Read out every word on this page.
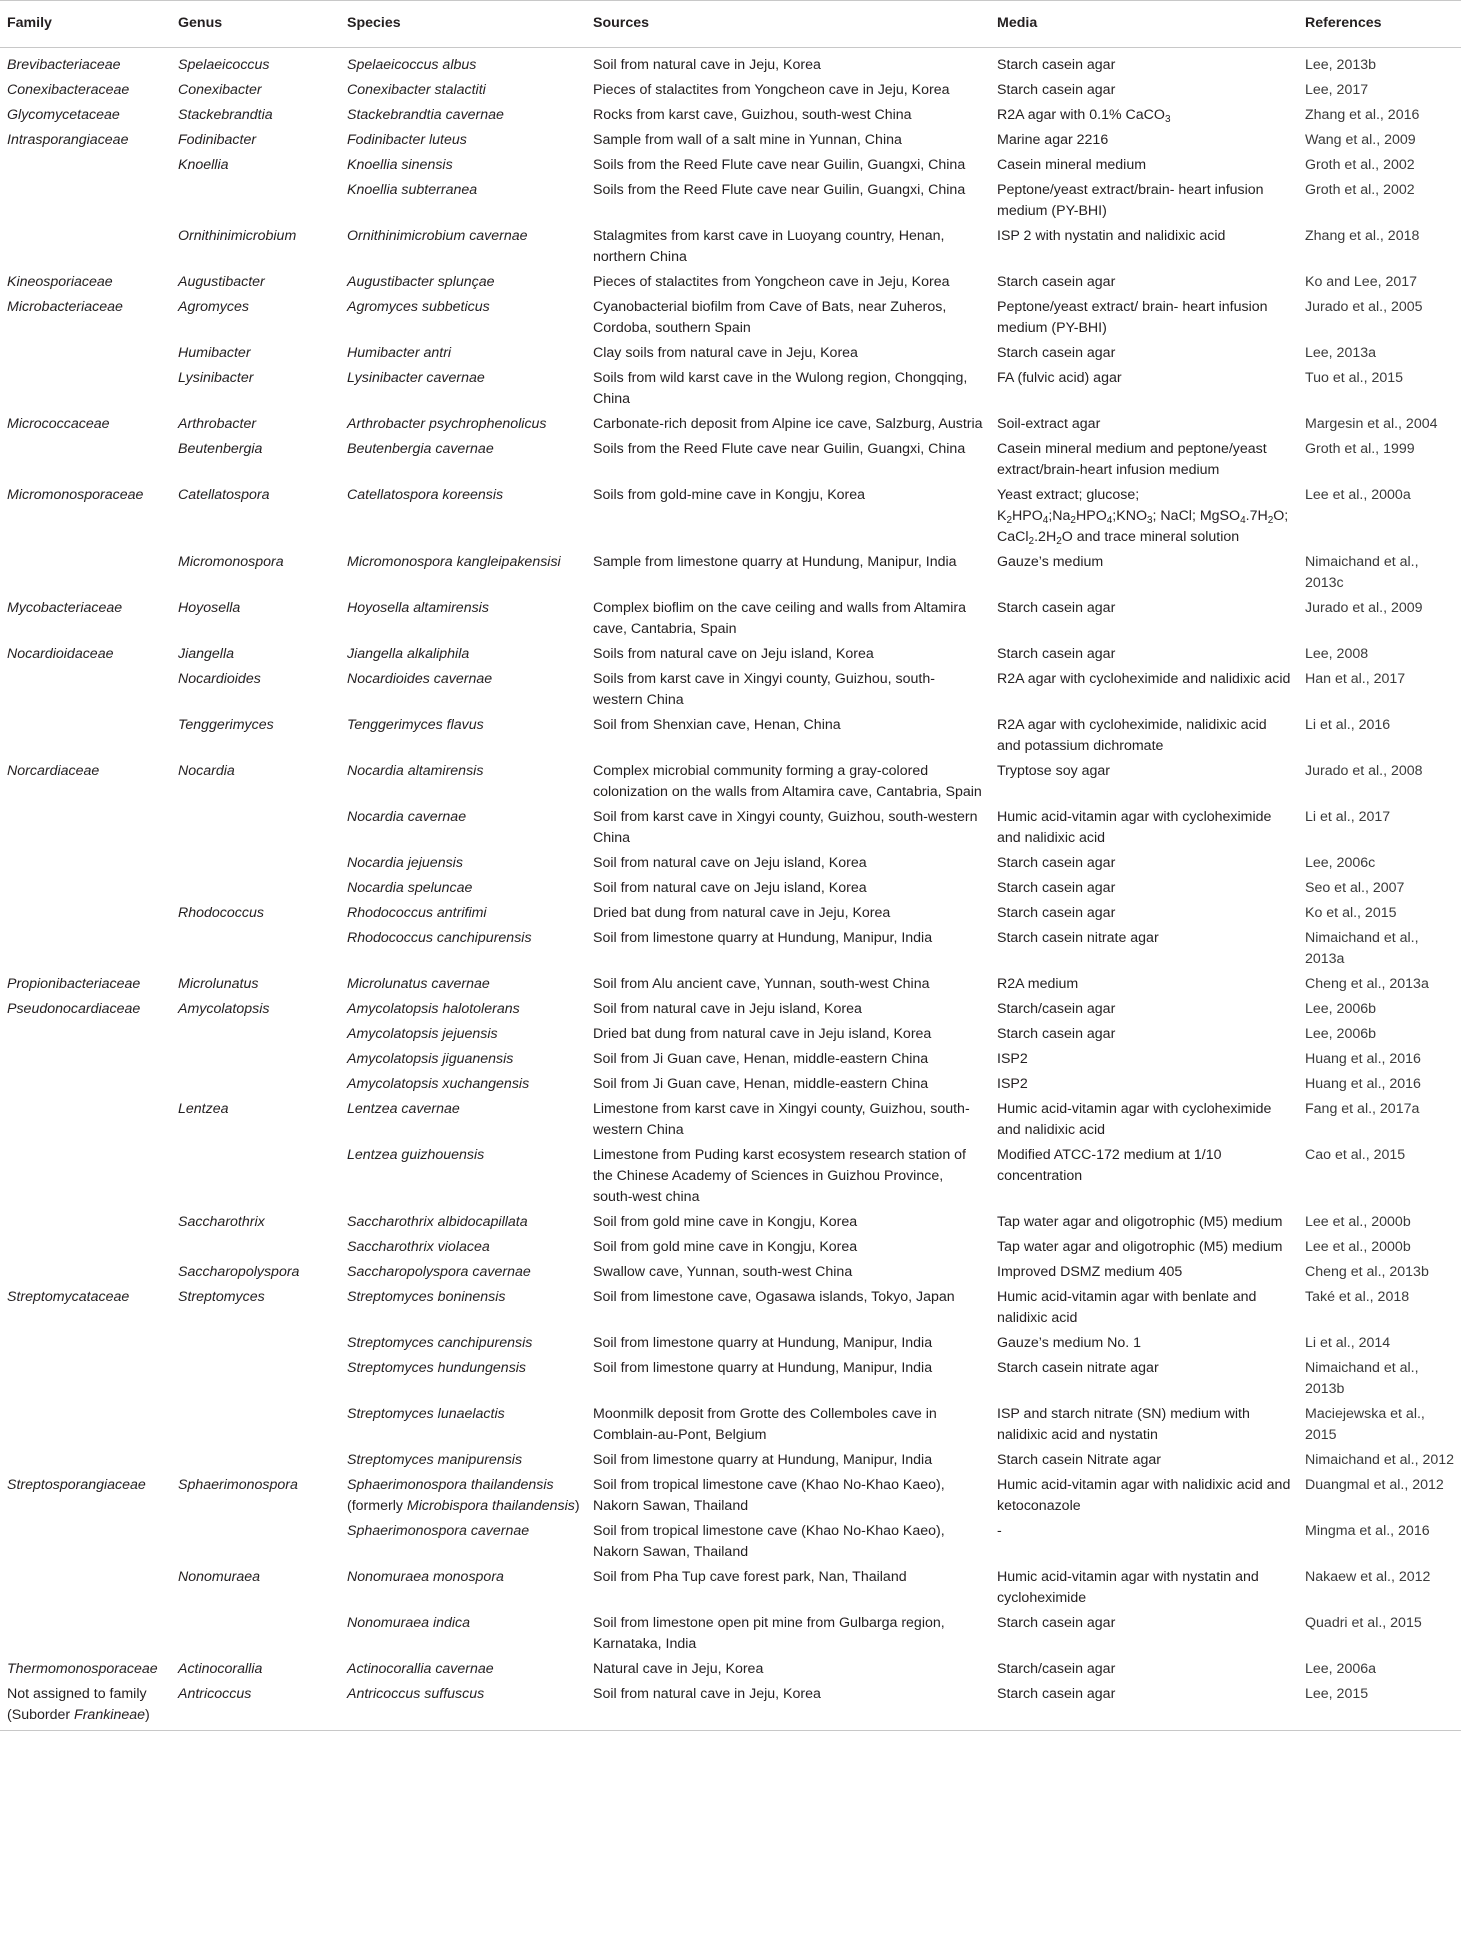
Family	Genus	Species	Sources	Media	References
Brevibacteriaceae	Spelaeicoccus	Spelaeicoccus albus	Soil from natural cave in Jeju, Korea	Starch casein agar	Lee, 2013b
Conexibacteraceae	Conexibacter	Conexibacter stalactiti	Pieces of stalactites from Yongcheon cave in Jeju, Korea	Starch casein agar	Lee, 2017
Glycomycetaceae	Stackebrandtia	Stackebrandtia cavernae	Rocks from karst cave, Guizhou, south-west China	R2A agar with 0.1% CaCO$_3$	Zhang et al., 2016
Intrasporangiaceae	Fodinibacter	Fodinibacter luteus	Sample from wall of a salt mine in Yunnan, China	Marine agar 2216	Wang et al., 2009
	Knoellia	Knoellia sinensis	Soils from the Reed Flute cave near Guilin, Guangxi, China	Casein mineral medium	Groth et al., 2002
		Knoellia subterranea	Soils from the Reed Flute cave near Guilin, Guangxi, China	Peptone/yeast extract/brain- heart infusion medium (PY-BHI)	Groth et al., 2002
	Ornithinimicrobium	Ornithinimicrobium cavernae	Stalagmites from karst cave in Luoyang country, Henan, northern China	ISP 2 with nystatin and nalidixic acid	Zhang et al., 2018
Kineosporiaceae	Augustibacter	Augustibacter splunçae	Pieces of stalactites from Yongcheon cave in Jeju, Korea	Starch casein agar	Ko and Lee, 2017
Microbacteriaceae	Agromyces	Agromyces subbeticus	Cyanobacterial biofilm from Cave of Bats, near Zuheros, Cordoba, southern Spain	Peptone/yeast extract/ brain- heart infusion medium (PY-BHI)	Jurado et al., 2005
	Humibacter	Humibacter antri	Clay soils from natural cave in Jeju, Korea	Starch casein agar	Lee, 2013a
	Lysinibacter	Lysinibacter cavernae	Soils from wild karst cave in the Wulong region, Chongqing, China	FA (fulvic acid) agar	Tuo et al., 2015
Micrococcaceae	Arthrobacter	Arthrobacter psychrophenolicus	Carbonate-rich deposit from Alpine ice cave, Salzburg, Austria	Soil-extract agar	Margesin et al., 2004
	Beutenbergia	Beutenbergia cavernae	Soils from the Reed Flute cave near Guilin, Guangxi, China	Casein mineral medium and peptone/yeast extract/brain-heart infusion medium	Groth et al., 1999
Micromonosporaceae	Catellatospora	Catellatospora koreensis	Soils from gold-mine cave in Kongju, Korea	Yeast extract; glucose; $K_2HPO_4;Na_2HPO_4;KNO_3$; NaCl; $MgSO_4.7H_2O$; $CaCl_2.2H_2O$ and trace mineral solution	Lee et al., 2000a
	Micromonospora	Micromonospora kangleipakensisi	Sample from limestone quarry at Hundung, Manipur, India	Gauze’s medium	Nimaichand et al., 2013c
Mycobacteriaceae	Hoyosella	Hoyosella altamirensis	Complex bioflim on the cave ceiling and walls from Altamira cave, Cantabria, Spain	Starch casein agar	Jurado et al., 2009
Nocardioidaceae	Jiangella	Jiangella alkaliphila	Soils from natural cave on Jeju island, Korea	Starch casein agar	Lee, 2008
	Nocardioides	Nocardioides cavernae	Soils from karst cave in Xingyi county, Guizhou, south-western China	R2A agar with cycloheximide and nalidixic acid	Han et al., 2017
	Tenggerimyces	Tenggerimyces flavus	Soil from Shenxian cave, Henan, China	R2A agar with cycloheximide, nalidixic acid and potassium dichromate	Li et al., 2016
Norcardiaceae	Nocardia	Nocardia altamirensis	Complex microbial community forming a gray-colored colonization on the walls from Altamira cave, Cantabria, Spain	Tryptose soy agar	Jurado et al., 2008
		Nocardia cavernae	Soil from karst cave in Xingyi county, Guizhou, south-western China	Humic acid-vitamin agar with cycloheximide and nalidixic acid	Li et al., 2017
		Nocardia jejuensis	Soil from natural cave on Jeju island, Korea	Starch casein agar	Lee, 2006c
		Nocardia speluncae	Soil from natural cave on Jeju island, Korea	Starch casein agar	Seo et al., 2007
	Rhodococcus	Rhodococcus antrifimi	Dried bat dung from natural cave in Jeju, Korea	Starch casein agar	Ko et al., 2015
		Rhodococcus canchipurensis	Soil from limestone quarry at Hundung, Manipur, India	Starch casein nitrate agar	Nimaichand et al., 2013a
Propionibacteriaceae	Microlunatus	Microlunatus cavernae	Soil from Alu ancient cave, Yunnan, south-west China	R2A medium	Cheng et al., 2013a
Pseudonocardiaceae	Amycolatopsis	Amycolatopsis halotolerans	Soil from natural cave in Jeju island, Korea	Starch/casein agar	Lee, 2006b
		Amycolatopsis jejuensis	Dried bat dung from natural cave in Jeju island, Korea	Starch casein agar	Lee, 2006b
		Amycolatopsis jiguanensis	Soil from Ji Guan cave, Henan, middle-eastern China	ISP2	Huang et al., 2016
		Amycolatopsis xuchangensis	Soil from Ji Guan cave, Henan, middle-eastern China	ISP2	Huang et al., 2016
	Lentzea	Lentzea cavernae	Limestone from karst cave in Xingyi county, Guizhou, south-western China	Humic acid-vitamin agar with cycloheximide and nalidixic acid	Fang et al., 2017a
		Lentzea guizhouensis	Limestone from Puding karst ecosystem research station of the Chinese Academy of Sciences in Guizhou Province, south-west china	Modified ATCC-172 medium at 1/10 concentration	Cao et al., 2015
	Saccharothrix	Saccharothrix albidocapillata	Soil from gold mine cave in Kongju, Korea	Tap water agar and oligotrophic (M5) medium	Lee et al., 2000b
		Saccharothrix violacea	Soil from gold mine cave in Kongju, Korea	Tap water agar and oligotrophic (M5) medium	Lee et al., 2000b
	Saccharopolyspora	Saccharopolyspora cavernae	Swallow cave, Yunnan, south-west China	Improved DSMZ medium 405	Cheng et al., 2013b
Streptomycataceae	Streptomyces	Streptomyces boninensis	Soil from limestone cave, Ogasawa islands, Tokyo, Japan	Humic acid-vitamin agar with benlate and nalidixic acid	Také et al., 2018
		Streptomyces canchipurensis	Soil from limestone quarry at Hundung, Manipur, India	Gauze’s medium No. 1	Li et al., 2014
		Streptomyces hundungensis	Soil from limestone quarry at Hundung, Manipur, India	Starch casein nitrate agar	Nimaichand et al., 2013b
		Streptomyces lunaelactis	Moonmilk deposit from Grotte des Collemboles cave in Comblain-au-Pont, Belgium	ISP and starch nitrate (SN) medium with nalidixic acid and nystatin	Maciejewska et al., 2015
		Streptomyces manipurensis	Soil from limestone quarry at Hundung, Manipur, India	Starch casein Nitrate agar	Nimaichand et al., 2012
Streptosporangiaceae	Sphaerimonospora	Sphaerimonospora thailandensis (formerly Microbispora thailandensis)	Soil from tropical limestone cave (Khao No-Khao Kaeo), Nakorn Sawan, Thailand	Humic acid-vitamin agar with nalidixic acid and ketoconazole	Duangmal et al., 2012
		Sphaerimonospora cavernae	Soil from tropical limestone cave (Khao No-Khao Kaeo), Nakorn Sawan, Thailand	-	Mingma et al., 2016
	Nonomuraea	Nonomuraea monospora	Soil from Pha Tup cave forest park, Nan, Thailand	Humic acid-vitamin agar with nystatin and cycloheximide	Nakaew et al., 2012
		Nonomuraea indica	Soil from limestone open pit mine from Gulbarga region, Karnataka, India	Starch casein agar	Quadri et al., 2015
Thermomonosporaceae	Actinocorallia	Actinocorallia cavernae	Natural cave in Jeju, Korea	Starch/casein agar	Lee, 2006a
Not assigned to family (Suborder Frankineae)	Antricoccus	Antricoccus suffuscus	Soil from natural cave in Jeju, Korea	Starch casein agar	Lee, 2015
